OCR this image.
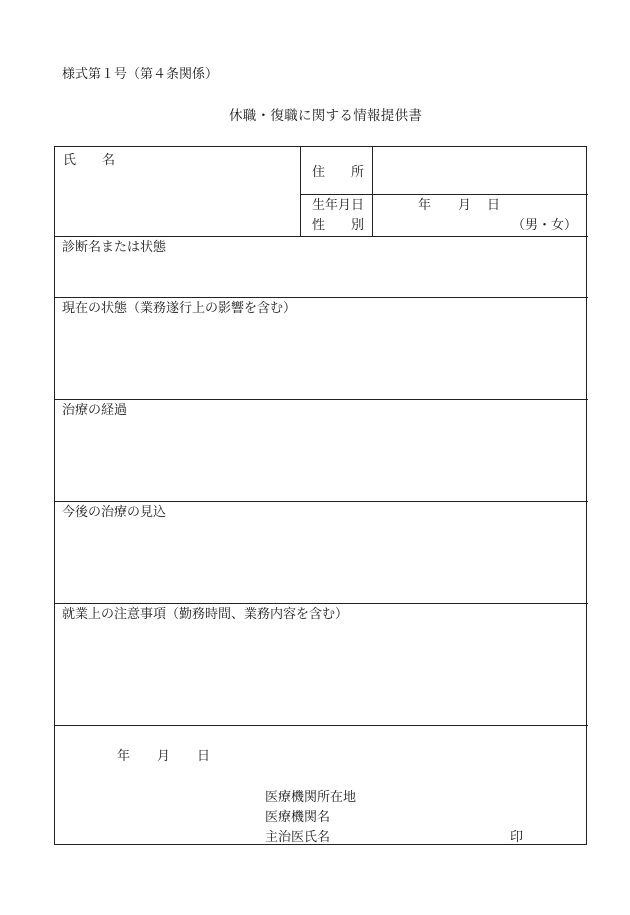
様式第１号（第４条関係）
休職・復職に関する情報提供書
氏　　名
住　　所
生年月日
性　　別
年 月 日
（男・女）
診断名または状態
現在の状態（業務遂行上の影響を含む）
治療の経過
今後の治療の見込
就業上の注意事項（勤務時間、業務内容を含む）
年 月 日
医療機関所在地
医療機関名
主治医氏名	印
